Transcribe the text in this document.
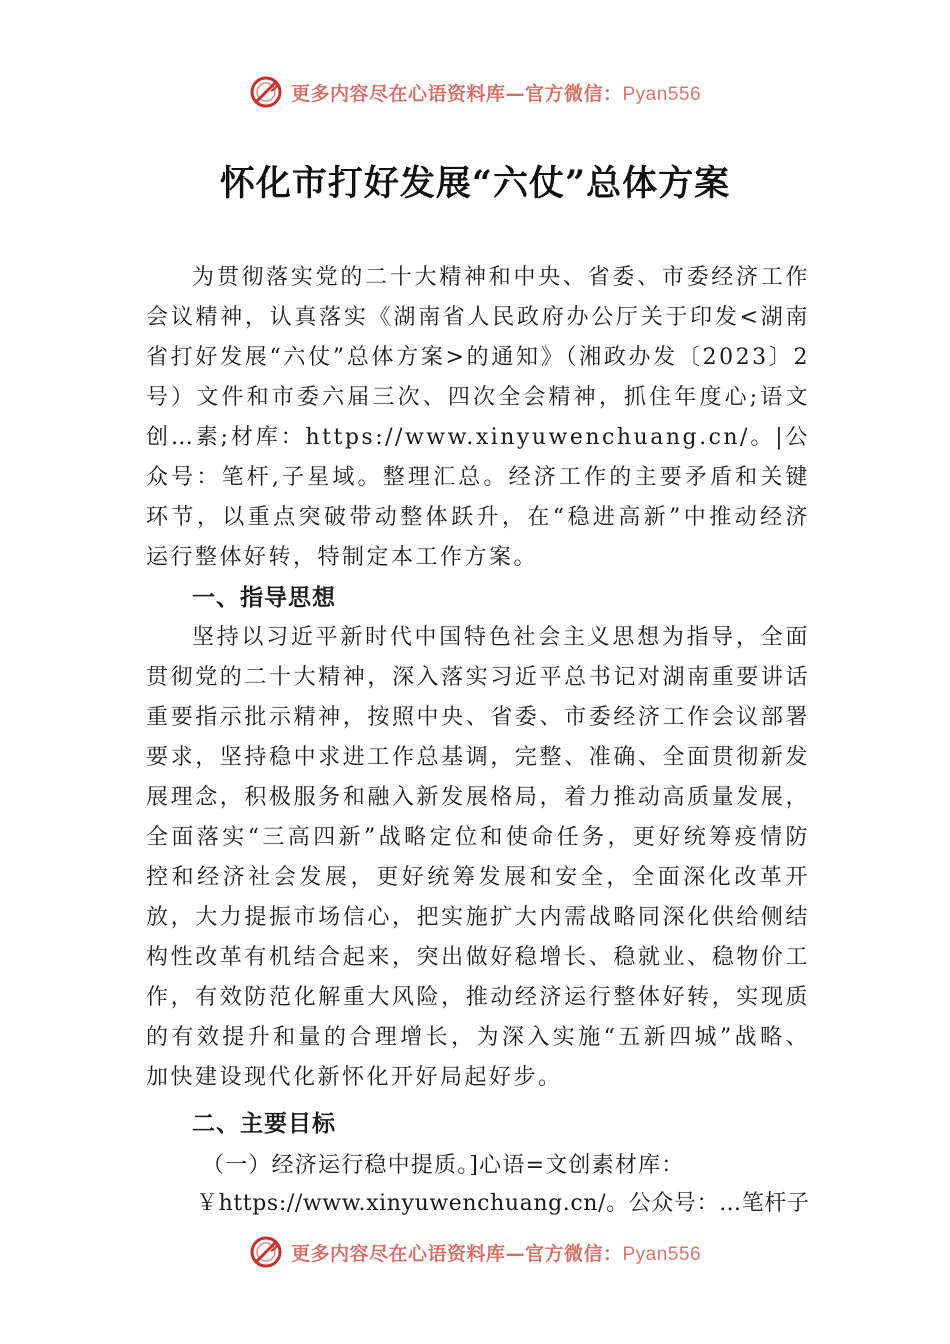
更多内容尽在心语资料库—官方微信：Pyan556
怀化市打好发展“六仗”总体方案

为贯彻落实党的二十大精神和中央、省委、市委经济工作会议精神，认真落实《湖南省人民政府办公厅关于印发<湖南省打好发展“六仗”总体方案>的通知》（湘政办发〔2023〕2 号）文件和市委六届三次、四次全会精神，抓住年度心;语文创…素;材库：https://www.xinyuwenchuang.cn/。|公众号：笔杆,子星域。整理汇总。经济工作的主要矛盾和关键环节，以重点突破带动整体跃升，在“稳进高新”中推动经济运行整体好转，特制定本工作方案。

一、指导思想

坚持以习近平新时代中国特色社会主义思想为指导，全面贯彻党的二十大精神，深入落实习近平总书记对湖南重要讲话重要指示批示精神，按照中央、省委、市委经济工作会议部署要求，坚持稳中求进工作总基调，完整、准确、全面贯彻新发展理念，积极服务和融入新发展格局，着力推动高质量发展，全面落实“三高四新”战略定位和使命任务，更好统筹疫情防控和经济社会发展，更好统筹发展和安全，全面深化改革开放，大力提振市场信心，把实施扩大内需战略同深化供给侧结构性改革有机结合起来，突出做好稳增长、稳就业、稳物价工作，有效防范化解重大风险，推动经济运行整体好转，实现质的有效提升和量的合理增长，为深入实施“五新四城”战略、加快建设现代化新怀化开好局起好步。

二、主要目标

（一）经济运行稳中提质。]心语=文创素材库：

￥https://www.xinyuwenchuang.cn/。公众号：…笔杆子

更多内容尽在心语资料库—官方微信：Pyan556
